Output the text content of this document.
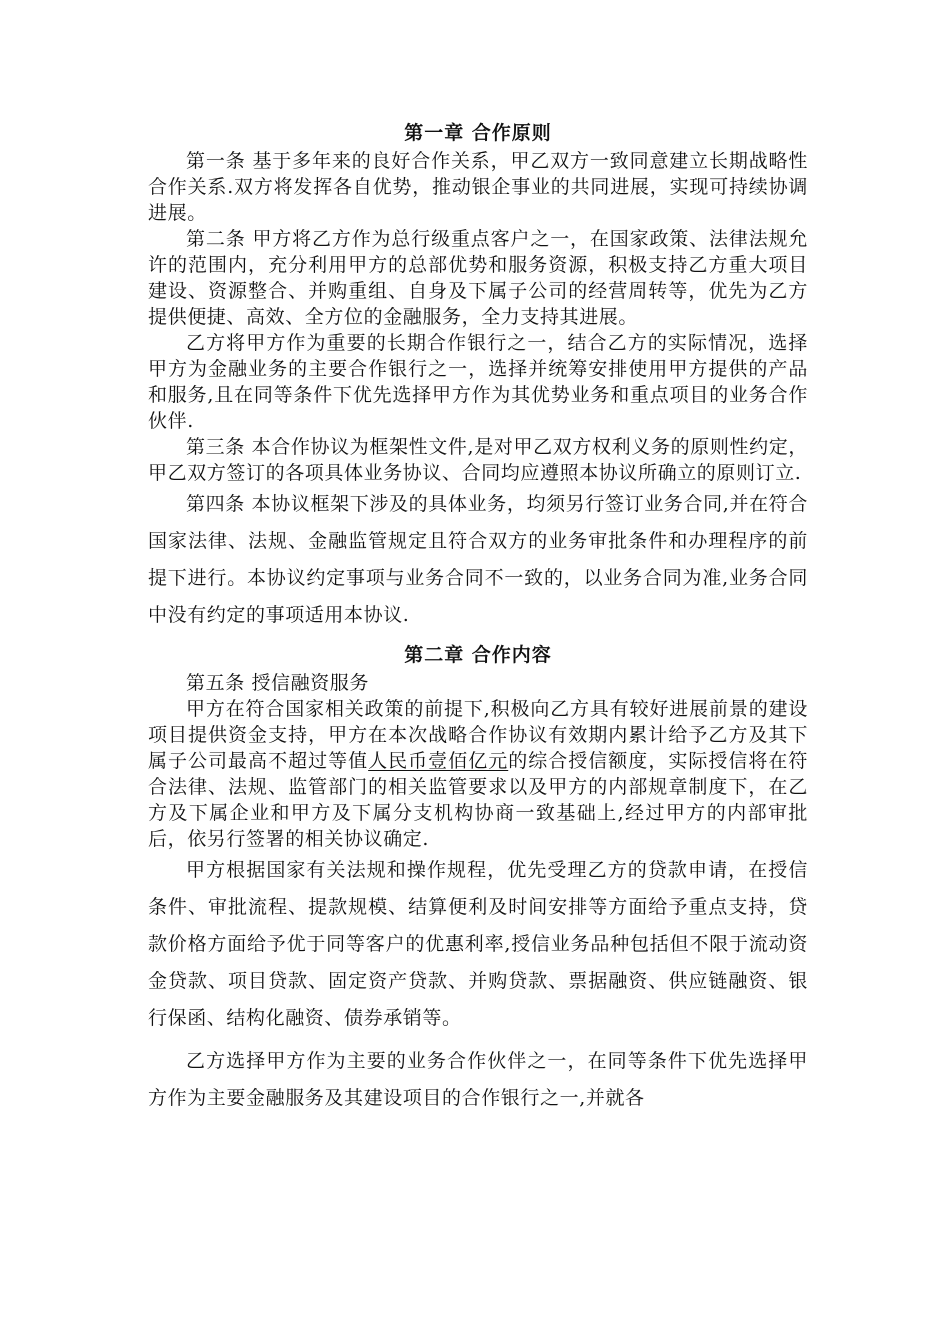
第一章 合作原则

第一条 基于多年来的良好合作关系，甲乙双方一致同意建立长期战略性合作关系.双方将发挥各自优势，推动银企事业的共同进展，实现可持续协调进展。

第二条 甲方将乙方作为总行级重点客户之一，在国家政策、法律法规允许的范围内，充分利用甲方的总部优势和服务资源，积极支持乙方重大项目建设、资源整合、并购重组、自身及下属子公司的经营周转等，优先为乙方提供便捷、高效、全方位的金融服务，全力支持其进展。

乙方将甲方作为重要的长期合作银行之一，结合乙方的实际情况，选择甲方为金融业务的主要合作银行之一，选择并统筹安排使用甲方提供的产品和服务,且在同等条件下优先选择甲方作为其优势业务和重点项目的业务合作伙伴.

第三条 本合作协议为框架性文件,是对甲乙双方权利义务的原则性约定，甲乙双方签订的各项具体业务协议、合同均应遵照本协议所确立的原则订立.

第四条 本协议框架下涉及的具体业务，均须另行签订业务合同,并在符合国家法律、法规、金融监管规定且符合双方的业务审批条件和办理程序的前提下进行。本协议约定事项与业务合同不一致的，以业务合同为准,业务合同中没有约定的事项适用本协议.

第二章 合作内容

第五条 授信融资服务

甲方在符合国家相关政策的前提下,积极向乙方具有较好进展前景的建设项目提供资金支持，甲方在本次战略合作协议有效期内累计给予乙方及其下属子公司最高不超过等值人民币壹佰亿元的综合授信额度，实际授信将在符合法律、法规、监管部门的相关监管要求以及甲方的内部规章制度下，在乙方及下属企业和甲方及下属分支机构协商一致基础上,经过甲方的内部审批后，依另行签署的相关协议确定.

甲方根据国家有关法规和操作规程，优先受理乙方的贷款申请，在授信条件、审批流程、提款规模、结算便利及时间安排等方面给予重点支持，贷款价格方面给予优于同等客户的优惠利率,授信业务品种包括但不限于流动资金贷款、项目贷款、固定资产贷款、并购贷款、票据融资、供应链融资、银行保函、结构化融资、债券承销等。

乙方选择甲方作为主要的业务合作伙伴之一，在同等条件下优先选择甲方作为主要金融服务及其建设项目的合作银行之一,并就各
